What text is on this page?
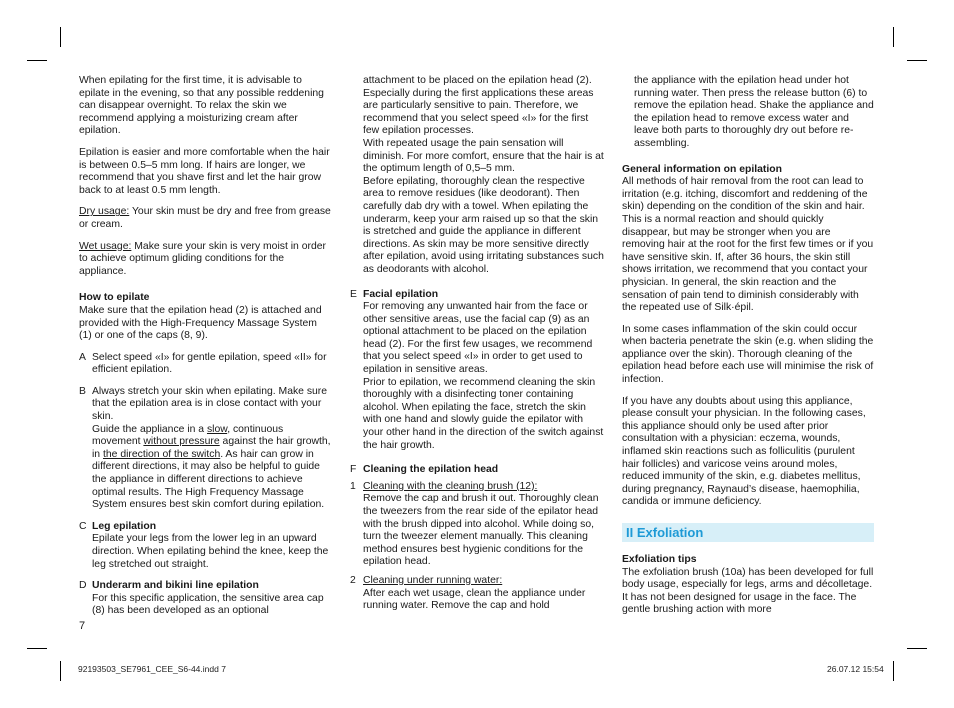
When epilating for the first time, it is advisable to epilate in the evening, so that any possible reddening can disappear overnight. To relax the skin we recommend applying a moisturizing cream after epilation.

Epilation is easier and more comfortable when the hair is between 0.5–5 mm long. If hairs are longer, we recommend that you shave first and let the hair grow back to at least 0.5 mm length.

Dry usage: Your skin must be dry and free from grease or cream.

Wet usage: Make sure your skin is very moist in order to achieve optimum gliding conditions for the appliance.

How to epilate

Make sure that the epilation head (2) is attached and provided with the High-Frequency Massage System (1) or one of the caps (8, 9).

A Select speed «I» for gentle epilation, speed «II» for efficient epilation.
B Always stretch your skin when epilating. Make sure that the epilation area is in close contact with your skin.
Guide the appliance in a slow, continuous movement without pressure against the hair growth, in the direction of the switch. As hair can grow in different directions, it may also be helpful to guide the appliance in different directions to achieve optimal results. The High Frequency Massage System ensures best skin comfort during epilation.
C Leg epilation
Epilate your legs from the lower leg in an upward direction. When epilating behind the knee, keep the leg stretched out straight.
D Underarm and bikini line epilation
For this specific application, the sensitive area cap (8) has been developed as an optional
attachment to be placed on the epilation head (2). Especially during the first applications these areas are particularly sensitive to pain. Therefore, we recommend that you select speed «I» for the first few epilation processes.
With repeated usage the pain sensation will diminish. For more comfort, ensure that the hair is at the optimum length of 0,5–5 mm.
Before epilating, thoroughly clean the respective area to remove residues (like deodorant). Then carefully dab dry with a towel. When epilating the underarm, keep your arm raised up so that the skin is stretched and guide the appliance in different directions. As skin may be more sensitive directly after epilation, avoid using irritating substances such as deodorants with alcohol.
E Facial epilation
For removing any unwanted hair from the face or other sensitive areas, use the facial cap (9) as an optional attachment to be placed on the epilation head (2). For the first few usages, we recommend that you select speed «I» in order to get used to epilation in sensitive areas.
Prior to epilation, we recommend cleaning the skin thoroughly with a disinfecting toner containing alcohol. When epilating the face, stretch the skin with one hand and slowly guide the epilator with your other hand in the direction of the switch against the hair growth.
F Cleaning the epilation head
1 Cleaning with the cleaning brush (12):
Remove the cap and brush it out. Thoroughly clean the tweezers from the rear side of the epilator head with the brush dipped into alcohol. While doing so, turn the tweezer element manually. This cleaning method ensures best hygienic conditions for the epilation head.
2 Cleaning under running water:
After each wet usage, clean the appliance under running water. Remove the cap and hold
the appliance with the epilation head under hot running water. Then press the release button (6) to remove the epilation head. Shake the appliance and the epilation head to remove excess water and leave both parts to thoroughly dry out before re-assembling.
General information on epilation

All methods of hair removal from the root can lead to irritation (e.g. itching, discomfort and reddening of the skin) depending on the condition of the skin and hair. This is a normal reaction and should quickly disappear, but may be stronger when you are removing hair at the root for the first few times or if you have sensitive skin. If, after 36 hours, the skin still shows irritation, we recommend that you contact your physician. In general, the skin reaction and the sensation of pain tend to diminish considerably with the repeated use of Silk·épil.

In some cases inflammation of the skin could occur when bacteria penetrate the skin (e.g. when sliding the appliance over the skin). Thorough cleaning of the epilation head before each use will minimise the risk of infection.

If you have any doubts about using this appliance, please consult your physician. In the following cases, this appliance should only be used after prior consultation with a physician: eczema, wounds, inflamed skin reactions such as folliculitis (purulent hair follicles) and varicose veins around moles, reduced immunity of the skin, e.g. diabetes mellitus, during pregnancy, Raynaud’s disease, haemophilia, candida or immune deficiency.

II Exfoliation
Exfoliation tips
The exfoliation brush (10a) has been developed for full body usage, especially for legs, arms and décolletage. It has not been designed for usage in the face. The gentle brushing action with more
7
92193503_SE7961_CEE_S6-44.indd 7	26.07.12 15:54
